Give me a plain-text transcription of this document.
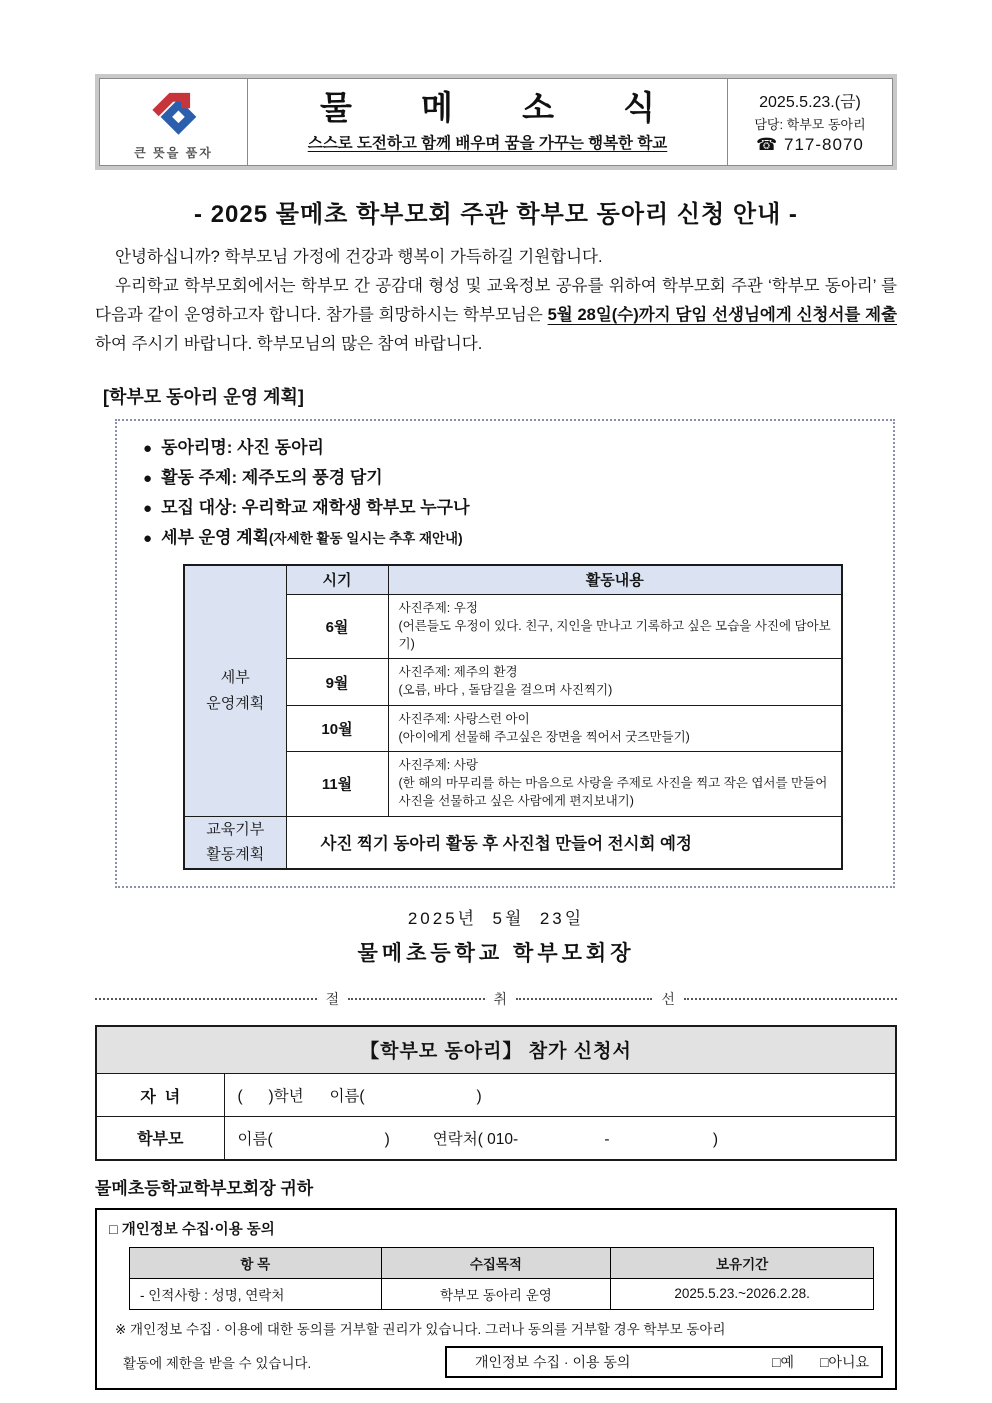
큰 뜻을 품자
물 메 소 식
스스로 도전하고 함께 배우며 꿈을 가꾸는 행복한 학교
2025.5.23.(금)
담당: 학부모 동아리
☎ 717-8070
- 2025 물메초 학부모회 주관 학부모 동아리 신청 안내 -

안녕하십니까? 학부모님 가정에 건강과 행복이 가득하길 기원합니다.

우리학교 학부모회에서는 학부모 간 공감대 형성 및 교육정보 공유를 위하여 학부모회 주관 ‘학부모 동아리’ 를 다음과 같이 운영하고자 합니다. 참가를 희망하시는 학부모님은 5월 28일(수)까지 담임 선생님에게 신청서를 제출하여 주시기 바랍니다. 학부모님의 많은 참여 바랍니다.

[학부모 동아리 운영 계획]
● 동아리명: 사진 동아리
● 활동 주제: 제주도의 풍경 담기
● 모집 대상: 우리학교 재학생 학부모 누구나
● 세부 운영 계획 (자세한 활동 일시는 추후 재안내)
세부
운영계획	시기	활동내용
	6월	사진주제: 우정
(어른들도 우정이 있다. 친구, 지인을 만나고 기록하고 싶은 모습을 사진에 담아보기)
	9월	사진주제: 제주의 환경
(오름, 바다 , 돌담길을 걸으며 사진찍기)
	10월	사진주제: 사랑스런 아이
(아이에게 선물해 주고싶은 장면을 찍어서 굿즈만들기)
	11월	사진주제: 사랑
(한 해의 마무리를 하는 마음으로 사랑을 주제로 사진을 찍고 작은 엽서를 만들어 사진을 선물하고 싶은 사람에게 편지보내기)

교육기부
활동계획	사진 찍기 동아리 활동 후 사진첩 만들어 전시회 예정	
2025년  5월  23일
물메초등학교 학부모회장
절	취	선
【학부모 동아리】 참가 신청서	
자  녀	(      )학년      이름(                          )
학부모	이름(                          )          연락처( 010-                    -                        )
물메초등학교학부모회장 귀하
□ 개인정보 수집·이용 동의
항 목	수집목적	보유기간
- 인적사항 : 성명, 연락처	학부모 동아리 운영	2025.5.23.~2026.2.28.
※ 개인정보 수집 · 이용에 대한 동의를 거부할 권리가 있습니다. 그러나 동의를 거부할 경우 학부모 동아리
활동에 제한을 받을 수 있습니다.	개인정보 수집 · 이용 동의	□예 □아니요
